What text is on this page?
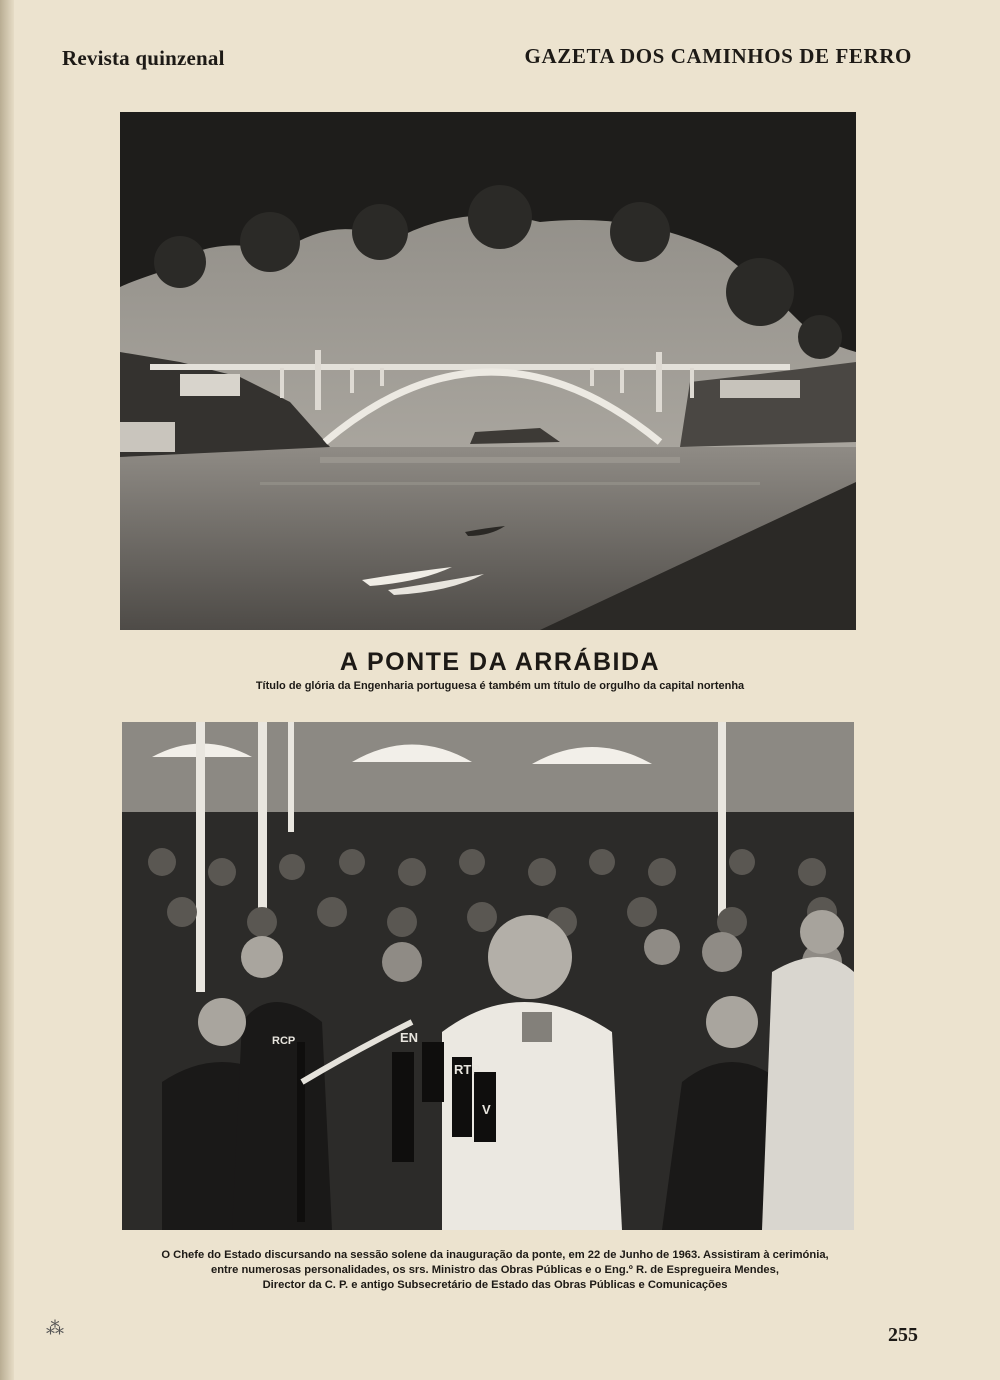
Revista quinzenal	GAZETA DOS CAMINHOS DE FERRO
A PONTE DA ARRÁBIDA
Título de glória da Engenharia portuguesa é também um título de orgulho da capital nortenha
EN
RTP
V
RCP
O Chefe do Estado discursando na sessão solene da inauguração da ponte, em 22 de Junho de 1963. Assistiram à cerimónia,
entre numerosas personalidades, os srs. Ministro das Obras Públicas e o Eng.º R. de Espregueira Mendes,
Director da C. P. e antigo Subsecretário de Estado das Obras Públicas e Comunicações
⁂	255
